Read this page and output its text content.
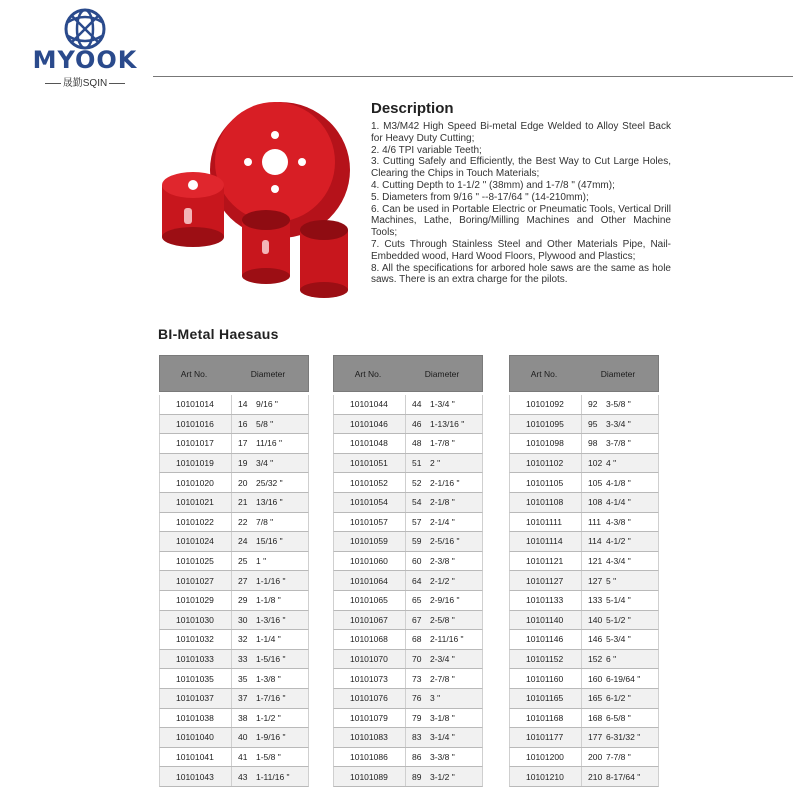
MYOOK
晟勤SQIN
Description
1. M3/M42 High Speed Bi-metal Edge Welded to Alloy Steel Back for Heavy Duty Cutting;
2. 4/6 TPI variable Teeth;
3. Cutting Safely and Efficiently, the Best Way to Cut Large Holes, Clearing the Chips in Touch Materials;
4. Cutting Depth to 1-1/2 " (38mm) and 1-7/8 " (47mm);
5. Diameters from 9/16 " --8-17/64 " (14-210mm);
6. Can be used in Portable Electric or Pneumatic Tools, Vertical Drill Machines, Lathe, Boring/Milling Machines and Other Machine Tools;
7. Cuts Through Stainless Steel and Other Materials Pipe, Nail-Embedded wood, Hard Wood Floors, Plywood and Plastics;
8. All the specifications for arbored hole saws are the same as hole saws. There is an extra charge for the pilots.
BI-Metal Haesaus
Art No.	Diameter
10101014	14	9/16 "
10101016	16	5/8 "
10101017	17	11/16 "
10101019	19	3/4 "
10101020	20	25/32 "
10101021	21	13/16 "
10101022	22	7/8 "
10101024	24	15/16 "
10101025	25	1 "
10101027	27	1-1/16 "
10101029	29	1-1/8 "
10101030	30	1-3/16 "
10101032	32	1-1/4 "
10101033	33	1-5/16 "
10101035	35	1-3/8 "
10101037	37	1-7/16 "
10101038	38	1-1/2 "
10101040	40	1-9/16 "
10101041	41	1-5/8 "
10101043	43	1-11/16 "
Art No.	Diameter
10101044	44	1-3/4 "
10101046	46	1-13/16 "
10101048	48	1-7/8 "
10101051	51	2 "
10101052	52	2-1/16 "
10101054	54	2-1/8 "
10101057	57	2-1/4 "
10101059	59	2-5/16 "
10101060	60	2-3/8 "
10101064	64	2-1/2 "
10101065	65	2-9/16 "
10101067	67	2-5/8 "
10101068	68	2-11/16 "
10101070	70	2-3/4 "
10101073	73	2-7/8 "
10101076	76	3 "
10101079	79	3-1/8 "
10101083	83	3-1/4 "
10101086	86	3-3/8 "
10101089	89	3-1/2 "
Art No.	Diameter
10101092	92	3-5/8 "
10101095	95	3-3/4 "
10101098	98	3-7/8 "
10101102	102 4 "
10101105	105 4-1/8 "
10101108	108 4-1/4 "
10101111	111 4-3/8 "
10101114	114 4-1/2 "
10101121	121 4-3/4 "
10101127	127 5 "
10101133	133 5-1/4 "
10101140	140 5-1/2 "
10101146	146 5-3/4 "
10101152	152 6 "
10101160	160 6-19/64 "
10101165	165 6-1/2 "
10101168	168 6-5/8 "
10101177	177 6-31/32 "
10101200	200 7-7/8 "
10101210	210 8-17/64 "
